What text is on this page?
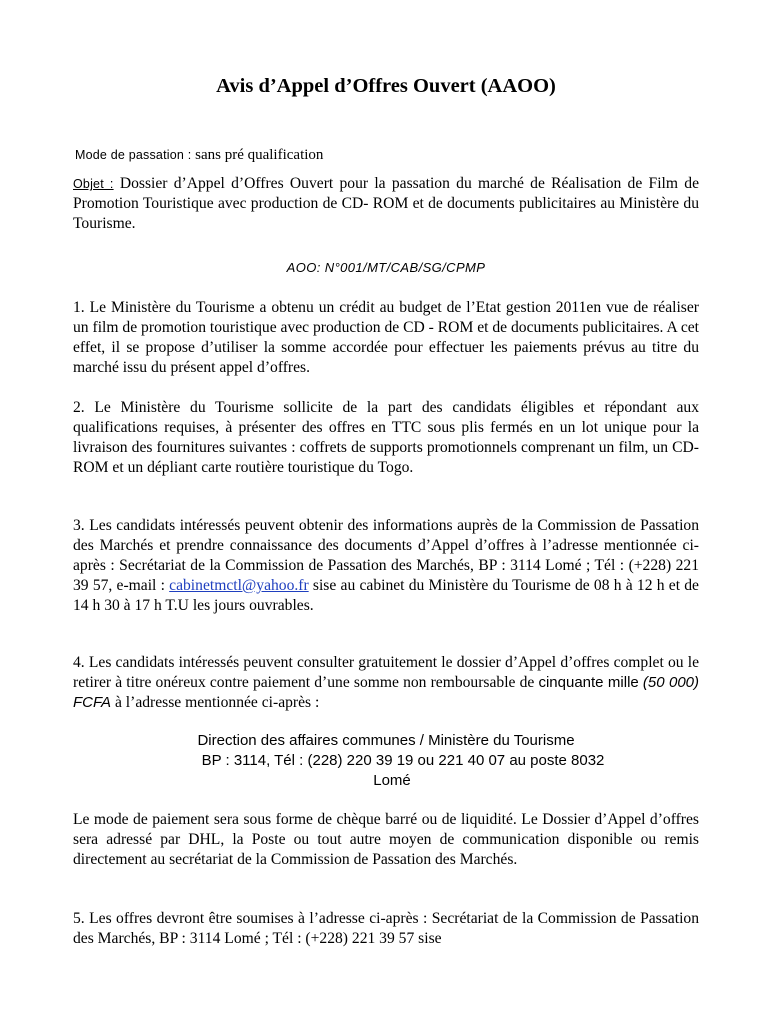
Avis d’Appel d’Offres Ouvert (AAOO)

Mode de passation : sans pré qualification

Objet : Dossier d’Appel d’Offres Ouvert pour la passation du marché de Réalisation de Film de Promotion Touristique avec production de CD- ROM et de documents publicitaires au Ministère du Tourisme.

AOO: N°001/MT/CAB/SG/CPMP

1. Le Ministère du Tourisme a obtenu un crédit au budget de l’Etat gestion 2011en vue de réaliser un film de promotion touristique avec production de CD - ROM et de documents publicitaires. A cet effet, il se propose d’utiliser la somme accordée pour effectuer les paiements prévus au titre du marché issu du présent appel d’offres.

2. Le Ministère du Tourisme sollicite de la part des candidats éligibles et répondant aux qualifications requises, à présenter des offres en TTC sous plis fermés en un lot unique pour la livraison des fournitures suivantes : coffrets de supports promotionnels comprenant un film, un CD-ROM et un dépliant carte routière touristique du Togo.

3. Les candidats intéressés peuvent obtenir des informations auprès de la Commission de Passation des Marchés et prendre connaissance des documents d’Appel d’offres à l’adresse mentionnée ci-après : Secrétariat de la Commission de Passation des Marchés, BP : 3114 Lomé ; Tél : (+228) 221 39 57, e-mail : cabinetmctl@yahoo.fr sise au cabinet du Ministère du Tourisme de 08 h à 12 h et de 14 h 30 à 17 h T.U les jours ouvrables.

4. Les candidats intéressés peuvent consulter gratuitement le dossier d’Appel d’offres complet ou le retirer à titre onéreux contre paiement d’une somme non remboursable de cinquante mille (50 000) FCFA à l’adresse mentionnée ci-après :

Direction des affaires communes / Ministère du Tourisme
BP : 3114, Tél : (228) 220 39 19 ou 221 40 07 au poste 8032
Lomé

Le mode de paiement sera sous forme de chèque barré ou de liquidité. Le Dossier d’Appel d’offres sera adressé par DHL, la Poste ou tout autre moyen de communication disponible ou remis directement au secrétariat de la Commission de Passation des Marchés.

5. Les offres devront être soumises à l’adresse ci-après : Secrétariat de la Commission de Passation des Marchés, BP : 3114 Lomé ; Tél : (+228) 221 39 57 sise
